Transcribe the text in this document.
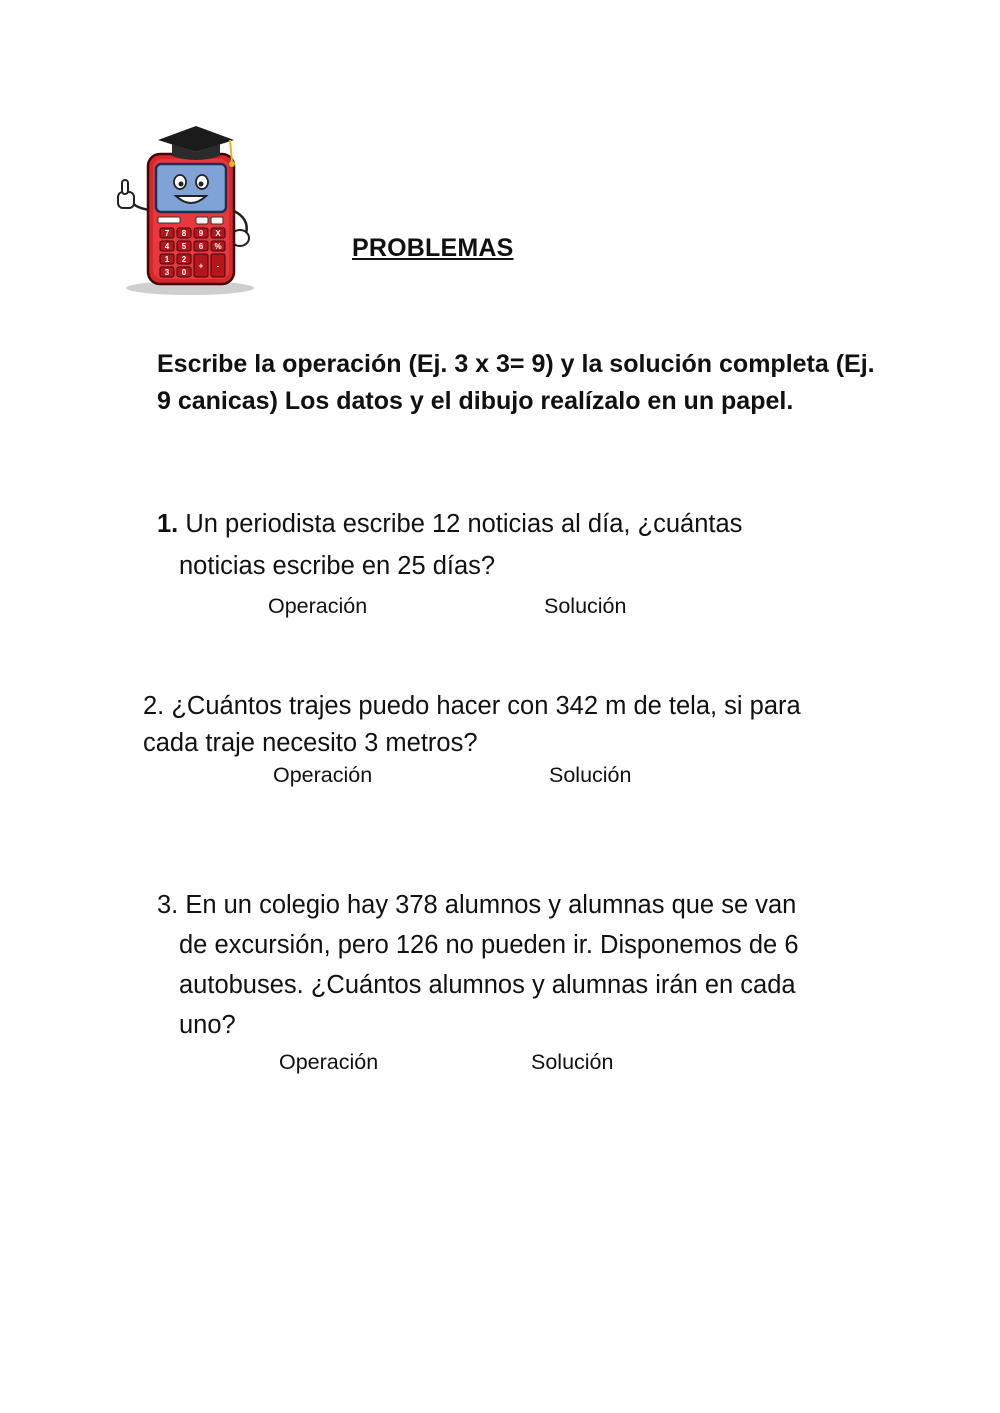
7 8 9 X
4 5 6 %
1 2
+ -
3 0
PROBLEMAS
Escribe la operación (Ej. 3 x 3= 9) y la solución completa (Ej. 9 canicas) Los datos y el dibujo realízalo en un papel.
1. Un periodista escribe 12 noticias al día, ¿cuántas
noticias escribe en 25 días?
Operación	Solución
2. ¿Cuántos trajes puedo hacer con 342 m de tela, si para
cada traje necesito 3 metros?
Operación	Solución
3. En un colegio hay 378 alumnos y alumnas que se van
de excursión, pero 126 no pueden ir. Disponemos de 6
autobuses. ¿Cuántos alumnos y alumnas irán en cada
uno?
Operación	Solución
